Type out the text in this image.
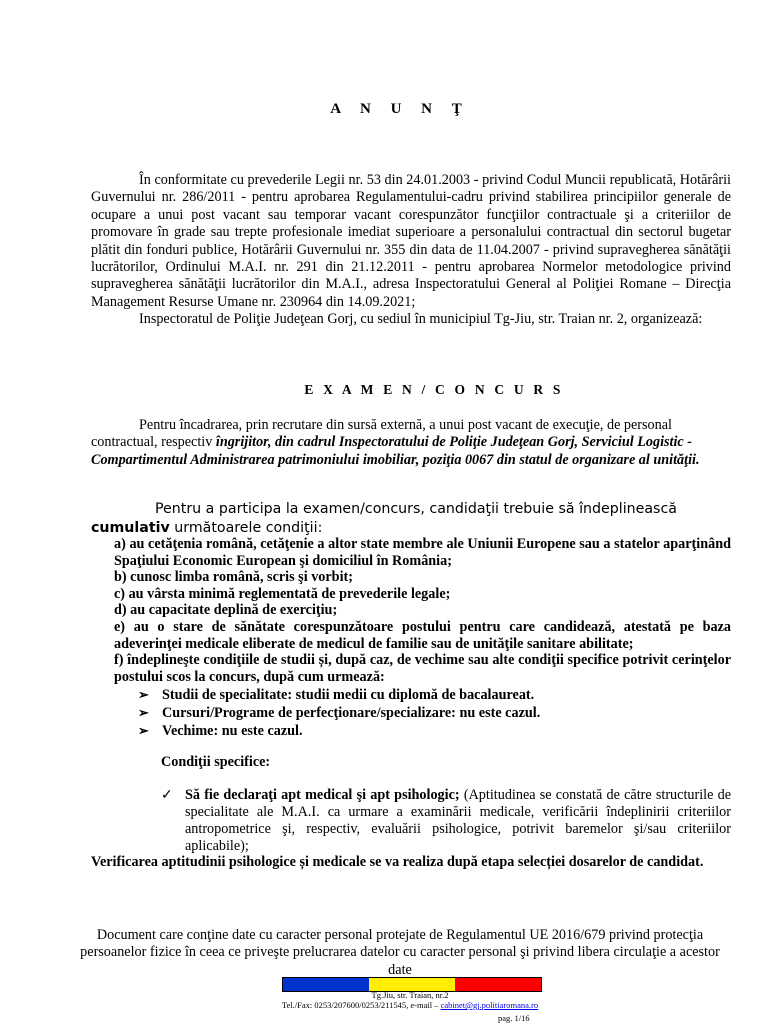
A N U N Ţ

În conformitate cu prevederile Legii nr. 53 din 24.01.2003 - privind Codul Muncii republicată, Hotărârii Guvernului nr. 286/2011 - pentru aprobarea Regulamentului-cadru privind stabilirea principiilor generale de ocupare a unui post vacant sau temporar vacant corespunzător funcţiilor contractuale şi a criteriilor de promovare în grade sau trepte profesionale imediat superioare a personalului contractual din sectorul bugetar plătit din fonduri publice, Hotărârii Guvernului nr. 355 din data de 11.04.2007 - privind supravegherea sănătăţii lucrătorilor, Ordinului M.A.I. nr. 291 din 21.12.2011 - pentru aprobarea Normelor metodologice privind supravegherea sănătăţii lucrătorilor din M.A.I., adresa Inspectoratului General al Poliţiei Romane – Direcţia Management Resurse Umane nr. 230964 din 14.09.2021;

Inspectoratul de Poliţie Judeţean Gorj, cu sediul în municipiul Tg-Jiu, str. Traian nr. 2, organizează:

E X A M E N / C O N C U R S

Pentru încadrarea, prin recrutare din sursă externă, a unui post vacant de execuţie, de personal contractual, respectiv îngrijitor, din cadrul Inspectoratului de Poliţie Judeţean Gorj, Serviciul Logistic - Compartimentul Administrarea patrimoniului imobiliar, poziţia 0067 din statul de organizare al unităţii.

Pentru a participa la examen/concurs, candidaţii trebuie să îndeplinească cumulativ următoarele condiţii:

a) au cetăţenia română, cetăţenie a altor state membre ale Uniunii Europene sau a statelor aparţinând Spaţiului Economic European şi domiciliul în România;
b) cunosc limba română, scris şi vorbit;
c) au vârsta minimă reglementată de prevederile legale;
d) au capacitate deplină de exerciţiu;
e) au o stare de sănătate corespunzătoare postului pentru care candidează, atestată pe baza adeverinţei medicale eliberate de medicul de familie sau de unităţile sanitare abilitate;
f) îndeplineşte condiţiile de studii și, după caz, de vechime sau alte condiţii specifice potrivit cerinţelor postului scos la concurs, după cum urmează:
➢ Studii de specialitate: studii medii cu diplomă de bacalaureat.
➢ Cursuri/Programe de perfecţionare/specializare: nu este cazul.
➢ Vechime: nu este cazul.
Condiţii specifice:
✓ Să fie declaraţi apt medical şi apt psihologic; (Aptitudinea se constată de către structurile de specialitate ale M.A.I. ca urmare a examinării medicale, verificării îndeplinirii criteriilor antropometrice şi, respectiv, evaluării psihologice, potrivit baremelor şi/sau criteriilor aplicabile);
Verificarea aptitudinii psihologice și medicale se va realiza după etapa selecției dosarelor de candidat.
Document care conţine date cu caracter personal protejate de Regulamentul UE 2016/679 privind protecţia persoanelor fizice în ceea ce priveşte prelucrarea datelor cu caracter personal şi privind libera circulaţie a acestor date
Tg.Jiu, str. Traian, nr.2
Tel./Fax: 0253/207600/0253/211545, e-mail – cabinet@gj.politiaromana.ro
pag. 1/16
